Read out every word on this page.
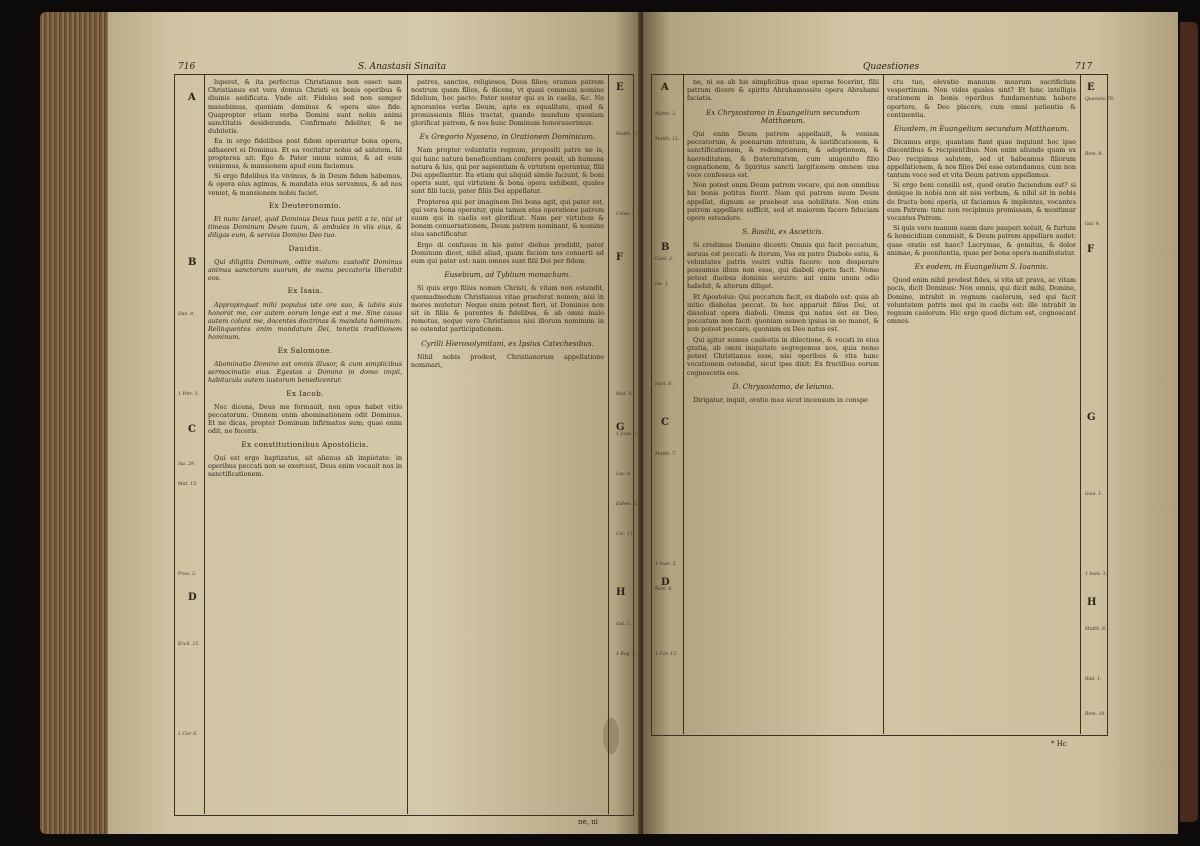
716	S. Anastasii Sinaita
A
B
C
D
E
F
G
H
Dan. 8.
1 Petr. 3.
Isa. 29.
Mat. 15.
Prou. 3.
Eccli. 15.
1 Cor. 6.
Matth. 6.
Colos. 1.
Mat. 5.
1 Joan. 3.
Luc. 6.
Ephes. 5.
Cor. 11.
Gal. 3.
1 Reg. 2.

luperet, & ita perfectus Christianus non esset: nam Christianus est vera domus Christi ex bonis operibus & diuinis aedificata. Vnde ait: Fideles sed non semper manebimus, quoniam dominus & opera sine fide. Quapropter etiam verba Domini sunt nobis animi sanctitatis desideranda. Confirmate fideliter, & ne dubitetis.

Ea in ergo fidelibus post fidem operantur bona opera, adhaeret ei Dominus. Et ea vocitatur nobis ad salutem. Id propterea ait: Ego & Pater unum sumus, & ad eum veniemus, & mansionem apud eum faciemus.

Si ergo fidelibus ita vivimus, & in Deum fidem habemus, & opera eius agimus, & mandata eius servamus, & ad nos veniet, & mansionem nobis faciet.

Ex Deuteronomio.

Et nunc Israel, quid Dominus Deus tuus petit a te, nisi ut timeas Dominum Deum tuum, & ambules in viis eius, & diligas eum, & servias Domino Deo tuo.

Dauidis.

Qui diligitis Dominum, odite malum: custodit Dominus animas sanctorum suorum, de manu peccatoris liberabit eos.

Ex Isaia.

Appropinquat mihi populus iste ore suo, & labiis suis honorat me, cor autem eorum longe est a me. Sine causa autem colunt me, docentes doctrinas & mandata hominum. Relinquentes enim mandatum Dei, tenetis traditionem hominum.

Ex Salomone.

Abominatio Domino est omnis illusor, & cum simplicibus sermocinatio eius. Egestas a Domino in domo impii, habitacula autem iustorum benedicentur.

Ex Iacob.

Nec dicens, Deus me formauit, non opus habet vitio peccatorum. Omnem enim abominationem odit Dominus. Et ne dicas, propter Dominum infirmatus sum; quae enim odit, ne feceris.

Ex constitutionibus Apostolicis.

Qui est ergo baptizatus, sit alienus ab impietate: in operibus peccati non se exerceat, Deus enim vocauit nos in sanctificationem.

patres, sanctos, religiosos, Deus filios; oramus patrem nostrum quam filios, & dicens, vt quasi communi nomine fidelium, hoc pacto: Pater noster qui es in caelis, &c. Ne ignorantes verba Deum, apte ex equalitate, quod & promissionis filios tractat, quando mundum quoniam glorificat patrem, & nos hunc Dominum honorauerimus.

Ex Gregorio Nysseno, in Orationem Dominicam.

Nam propter voluntatis regnum, propositi patre ne is, qui hanc natura beneficentiam conferre possit, ab humana natura & his, qui per sapientiam & virtutem operantur, filii Dei appellantur. Ita etiam qui aliquid simile faciunt, & boni operis sunt, qui virtutem & bona opera exhibent, quales sunt filii lucis, pater filiis Dei appellatur.

Propterea qui per imaginem Dei bona agit, qui pater est, qui vera bona operatur, quia tamen eius operatione patrem suum qui in caelis est glorificat. Nam per virtutem & bonam conuersationem, Deum patrem nominant, & nomine eius sanctificatur.

Ergo di confusus in his pater diebus prodidit, pater Dominum dicet, nihil aliud, quam faciem nos conuerti ad eum qui pater est: nam omnes sunt filii Dei per fidem.

Eusebium, ad Tyblium monachum.

Si quis ergo filius nomen Christi, & vitam non ostendit, quemadmodum Christianus vitae praeferat nomen, nisi in mores mutetur: Neque enim potest fieri, ut Dominus non sit in filiis & parentes & fidelibus, & ab omni malo remotus, neque vere Christianus nisi illorum nominum in se ostendat participationem.

Cyrilli Hierosolymitani, ex Ipsius Catechesibus.

Nihil nobis prodest, Christianorum appellatione nominari,

ne, ni
Quaestiones	717
A
B
C
D
E
F
G
H
Matth. 3.
Matth. 12.
Cant. 2.
Isa. 1.
Ioan. 8.
Matth. 7.
1 Ioan. 3.
Rom. 6.
1 Cor. 12.
Quaestio 76.
Rom. 8.
Gal. 4.
Ioan. 1.
1 Ioan. 3.
Matth. 6.
Ibid. 1.
Rom. 10.

ne, ni ea ab his simplicibus quae operae fecerint, filii patrum dicere & spiritu Abrahamossite opera Abrahami faciatis.

Ex Chrysostomo in Euangelium secundum Matthaeum.

Qui enim Deum patrem appellauit, & veniam peccatorum, & poenarum intentum, & iustificationem, & sanctificationem, & redemptionem, & adoptionem, & haereditatem, & fraternitatem, cum unigenito filio cognationem, & Spiritus sancti largitionem omnem una voce confessus est.

Non potest enim Deum patrem vocare, qui non omnibus his bonis potitus fuerit. Nam qui patrem suum Deum appellat, dignum se praebeat sua nobilitate. Non enim patrem appellare sufficit, sed et maiorem facere fiduciam opere ostendere.

S. Basilii, ex Asceticis.

Si credimus Domino dicenti: Omnis qui facit peccatum, seruus est peccati: & iterum, Vos ex patre Diabolo estis, & voluntates patris vestri vultis facere: non desperare possumus illum non esse, qui diaboli opera facit. Nemo potest duobus dominis seruire: aut enim unum odio habebit, & alterum diliget.

Et Apostolus: Qui peccatum facit, ex diabolo est: quia ab initio diabolus peccat. In hoc apparuit filius Dei, ut dissoluat opera diaboli. Omnis qui natus est ex Deo, peccatum non facit: quoniam semen ipsius in eo manet, & non potest peccare, quoniam ex Deo natus est.

Qui igitur sumus caelestis in dilectione, & vocati in eius gratia, ab omni iniquitate segregemus nos, quia nemo potest Christianus esse, nisi operibus & vita hanc vocationem ostendat, sicut ipse dixit: Ex fructibus eorum cognoscetis eos.

D. Chrysostomo, de Ieiunio.

Dirigatur, inquit, oratio mea sicut incensum in conspe

ctu tuo, elevatio manuum mearum sacrificium vespertinum. Non vides quales sint? Et hinc intelligis orationem in bonis operibus fundamentum habere oportere, & Deo placere, cum omni patientia & continentia.

Eiusdem, in Euangelium secundum Matthaeum.

Dicamus ergo, quantam fiant quae inquiunt hoc ipso discentibus & recipientibus. Non enim aliunde quam ex Deo recipimus salutem, sed ut habeamus filiorum appellationem, & nos filios Dei esse ostendamus, cum non tantum voce sed et vita Deum patrem appellamus.

Si ergo boni consilii est, quod oratio faciendum est? si denique in nobis non sit nisi verbum, & nihil sit in nobis de fructu boni operis, ut faciamus & implentes, vocantes eum Patrem: tunc non recipimus promissam, & mentimur vocantes Patrem.

Si quis vero manum suam dare pauperi noluit, & furtum & homicidium commisit, & Deum patrem appellare audet: quae oratio est haec? Lacrymae, & gemitus, & dolor animae, & poenitentia, quae per bona opera manifestatur.

Ex eodem, in Euangelium S. Ioannis.

Quod enim nihil prodest fides, si vita sit prava, ac vitam pacis, dicit Dominus: Non omnis, qui dicit mihi, Domine, Domine, intrabit in regnum caelorum, sed qui facit voluntatem patris mei qui in caelis est: ille intrabit in regnum caelorum. Hic ergo quod dictum est, cognoscant omnes.

* Hc
